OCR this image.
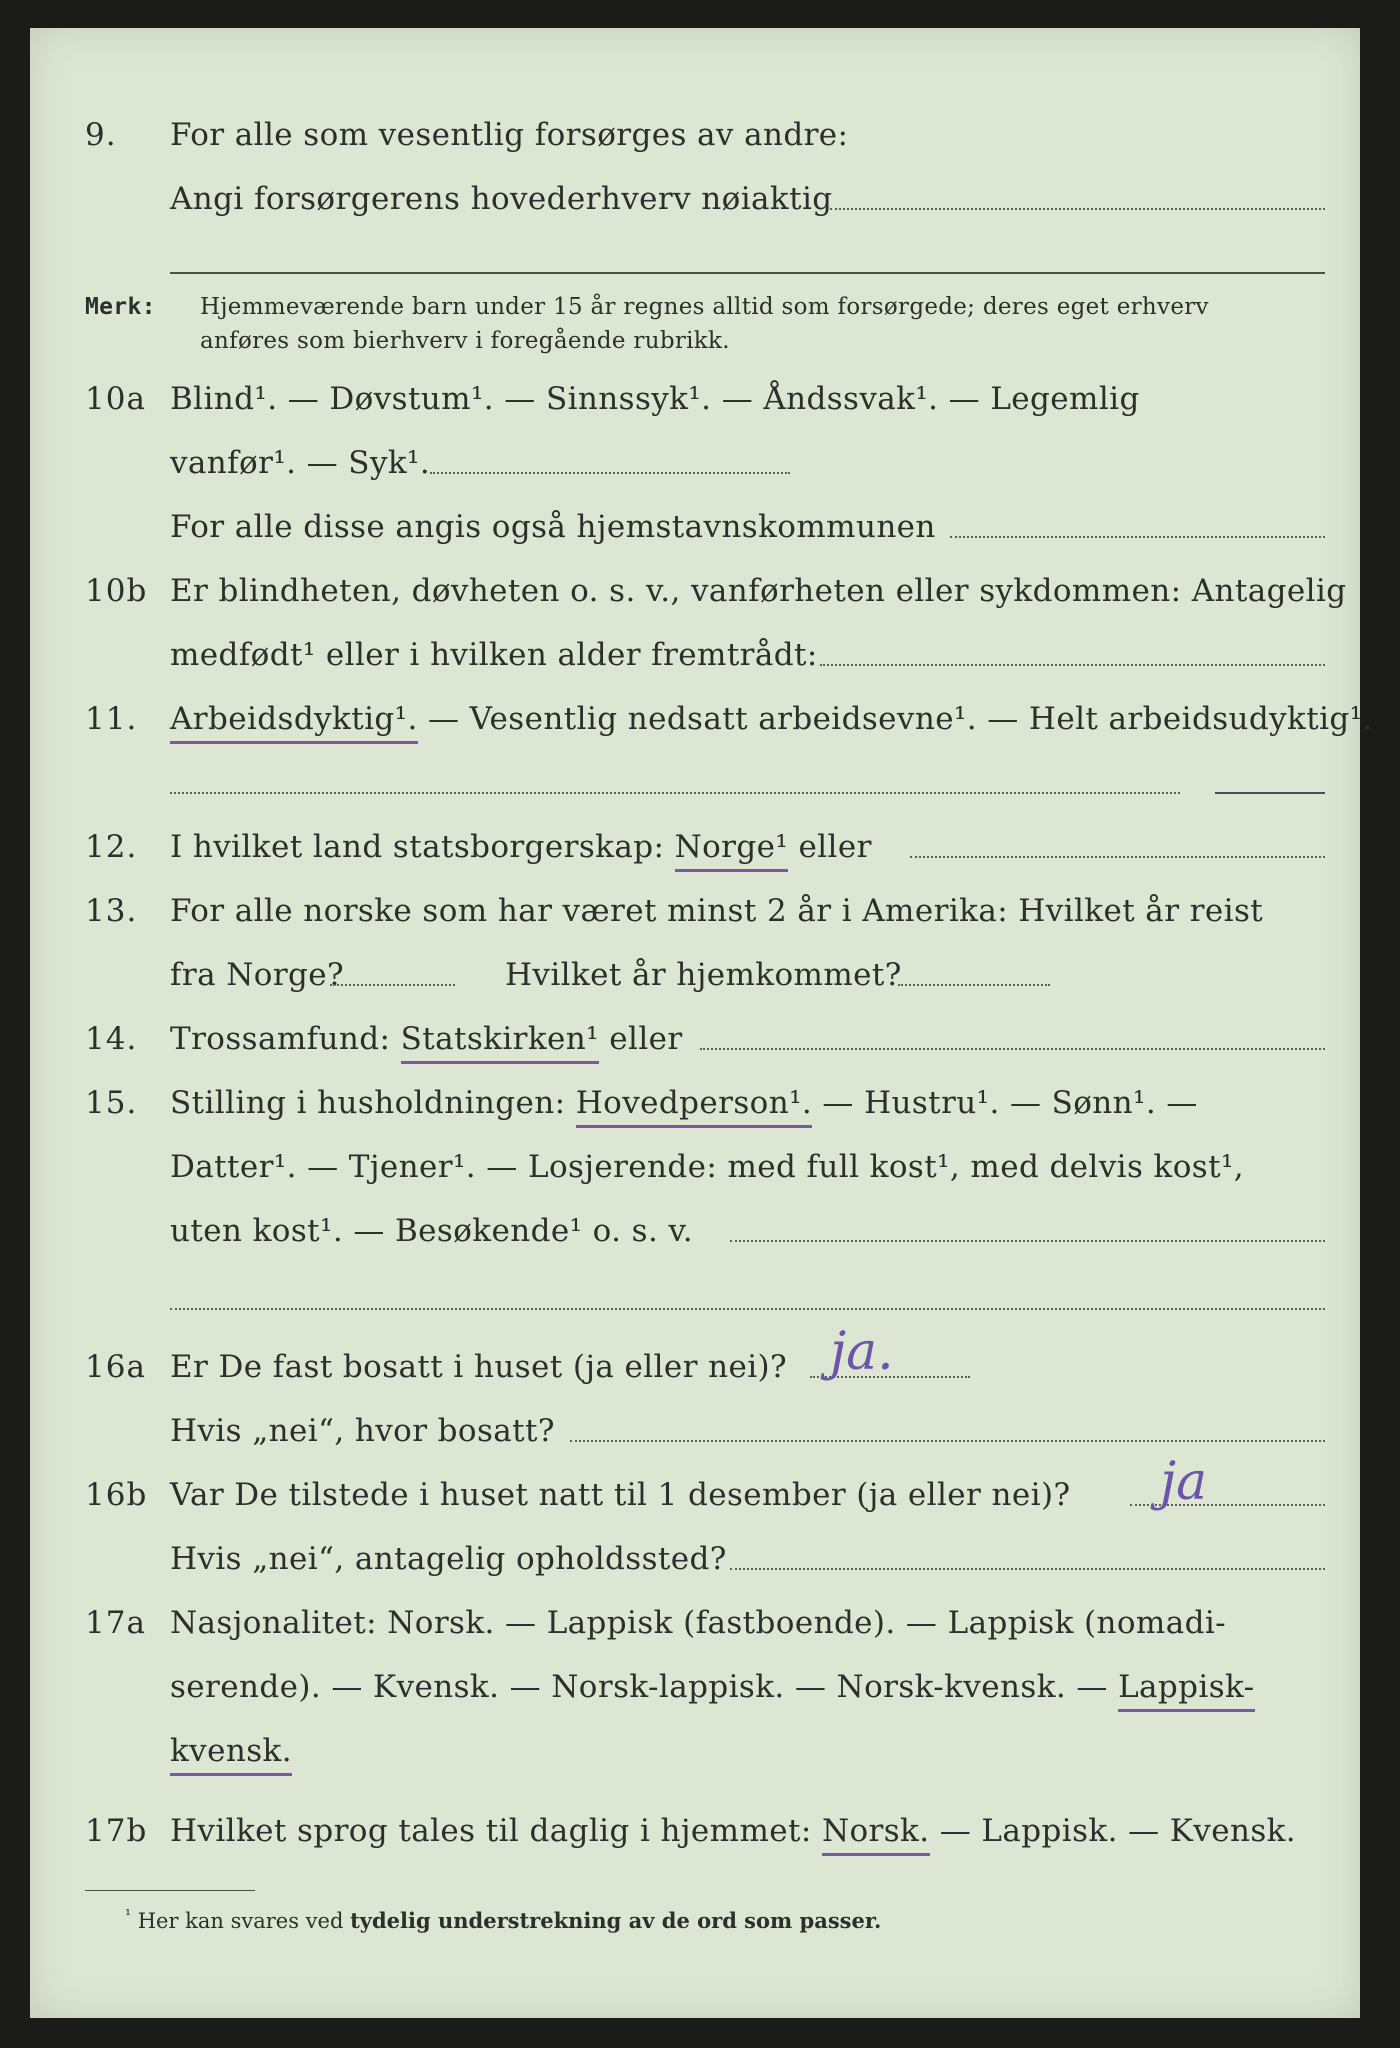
9. For alle som vesentlig forsørges av andre:
Angi forsørgerens hovederhverv nøiaktig
Merk: Hjemmeværende barn under 15 år regnes alltid som forsørgede; deres eget erhverv
anføres som bierhverv i foregående rubrikk.
10a Blind¹. — Døvstum¹. — Sinnssyk¹. — Åndssvak¹. — Legemlig
vanfør¹. — Syk¹.
For alle disse angis også hjemstavnskommunen
10b Er blindheten, døvheten o. s. v., vanførheten eller sykdommen: Antagelig
medfødt¹ eller i hvilken alder fremtrådt:
11. Arbeidsdyktig¹. — Vesentlig nedsatt arbeidsevne¹. — Helt arbeidsudyktig¹.
12. I hvilket land statsborgerskap: Norge¹ eller
13. For alle norske som har været minst 2 år i Amerika: Hvilket år reist
fra Norge?	Hvilket år hjemkommet?
14. Trossamfund: Statskirken¹ eller
15. Stilling i husholdningen: Hovedperson¹. — Hustru¹. — Sønn¹. —
Datter¹. — Tjener¹. — Losjerende: med full kost¹, med delvis kost¹,
uten kost¹. — Besøkende¹ o. s. v.
16a Er De fast bosatt i huset (ja eller nei)? ja.
Hvis „nei“, hvor bosatt?
16b Var De tilstede i huset natt til 1 desember (ja eller nei)? ja
Hvis „nei“, antagelig opholdssted?
17a Nasjonalitet: Norsk. — Lappisk (fastboende). — Lappisk (nomadi-
serende). — Kvensk. — Norsk-lappisk. — Norsk-kvensk. — Lappisk-
kvensk.
17b Hvilket sprog tales til daglig i hjemmet: Norsk. — Lappisk. — Kvensk.
$^{^1}$ Her kan svares ved tydelig understrekning av de ord som passer.
